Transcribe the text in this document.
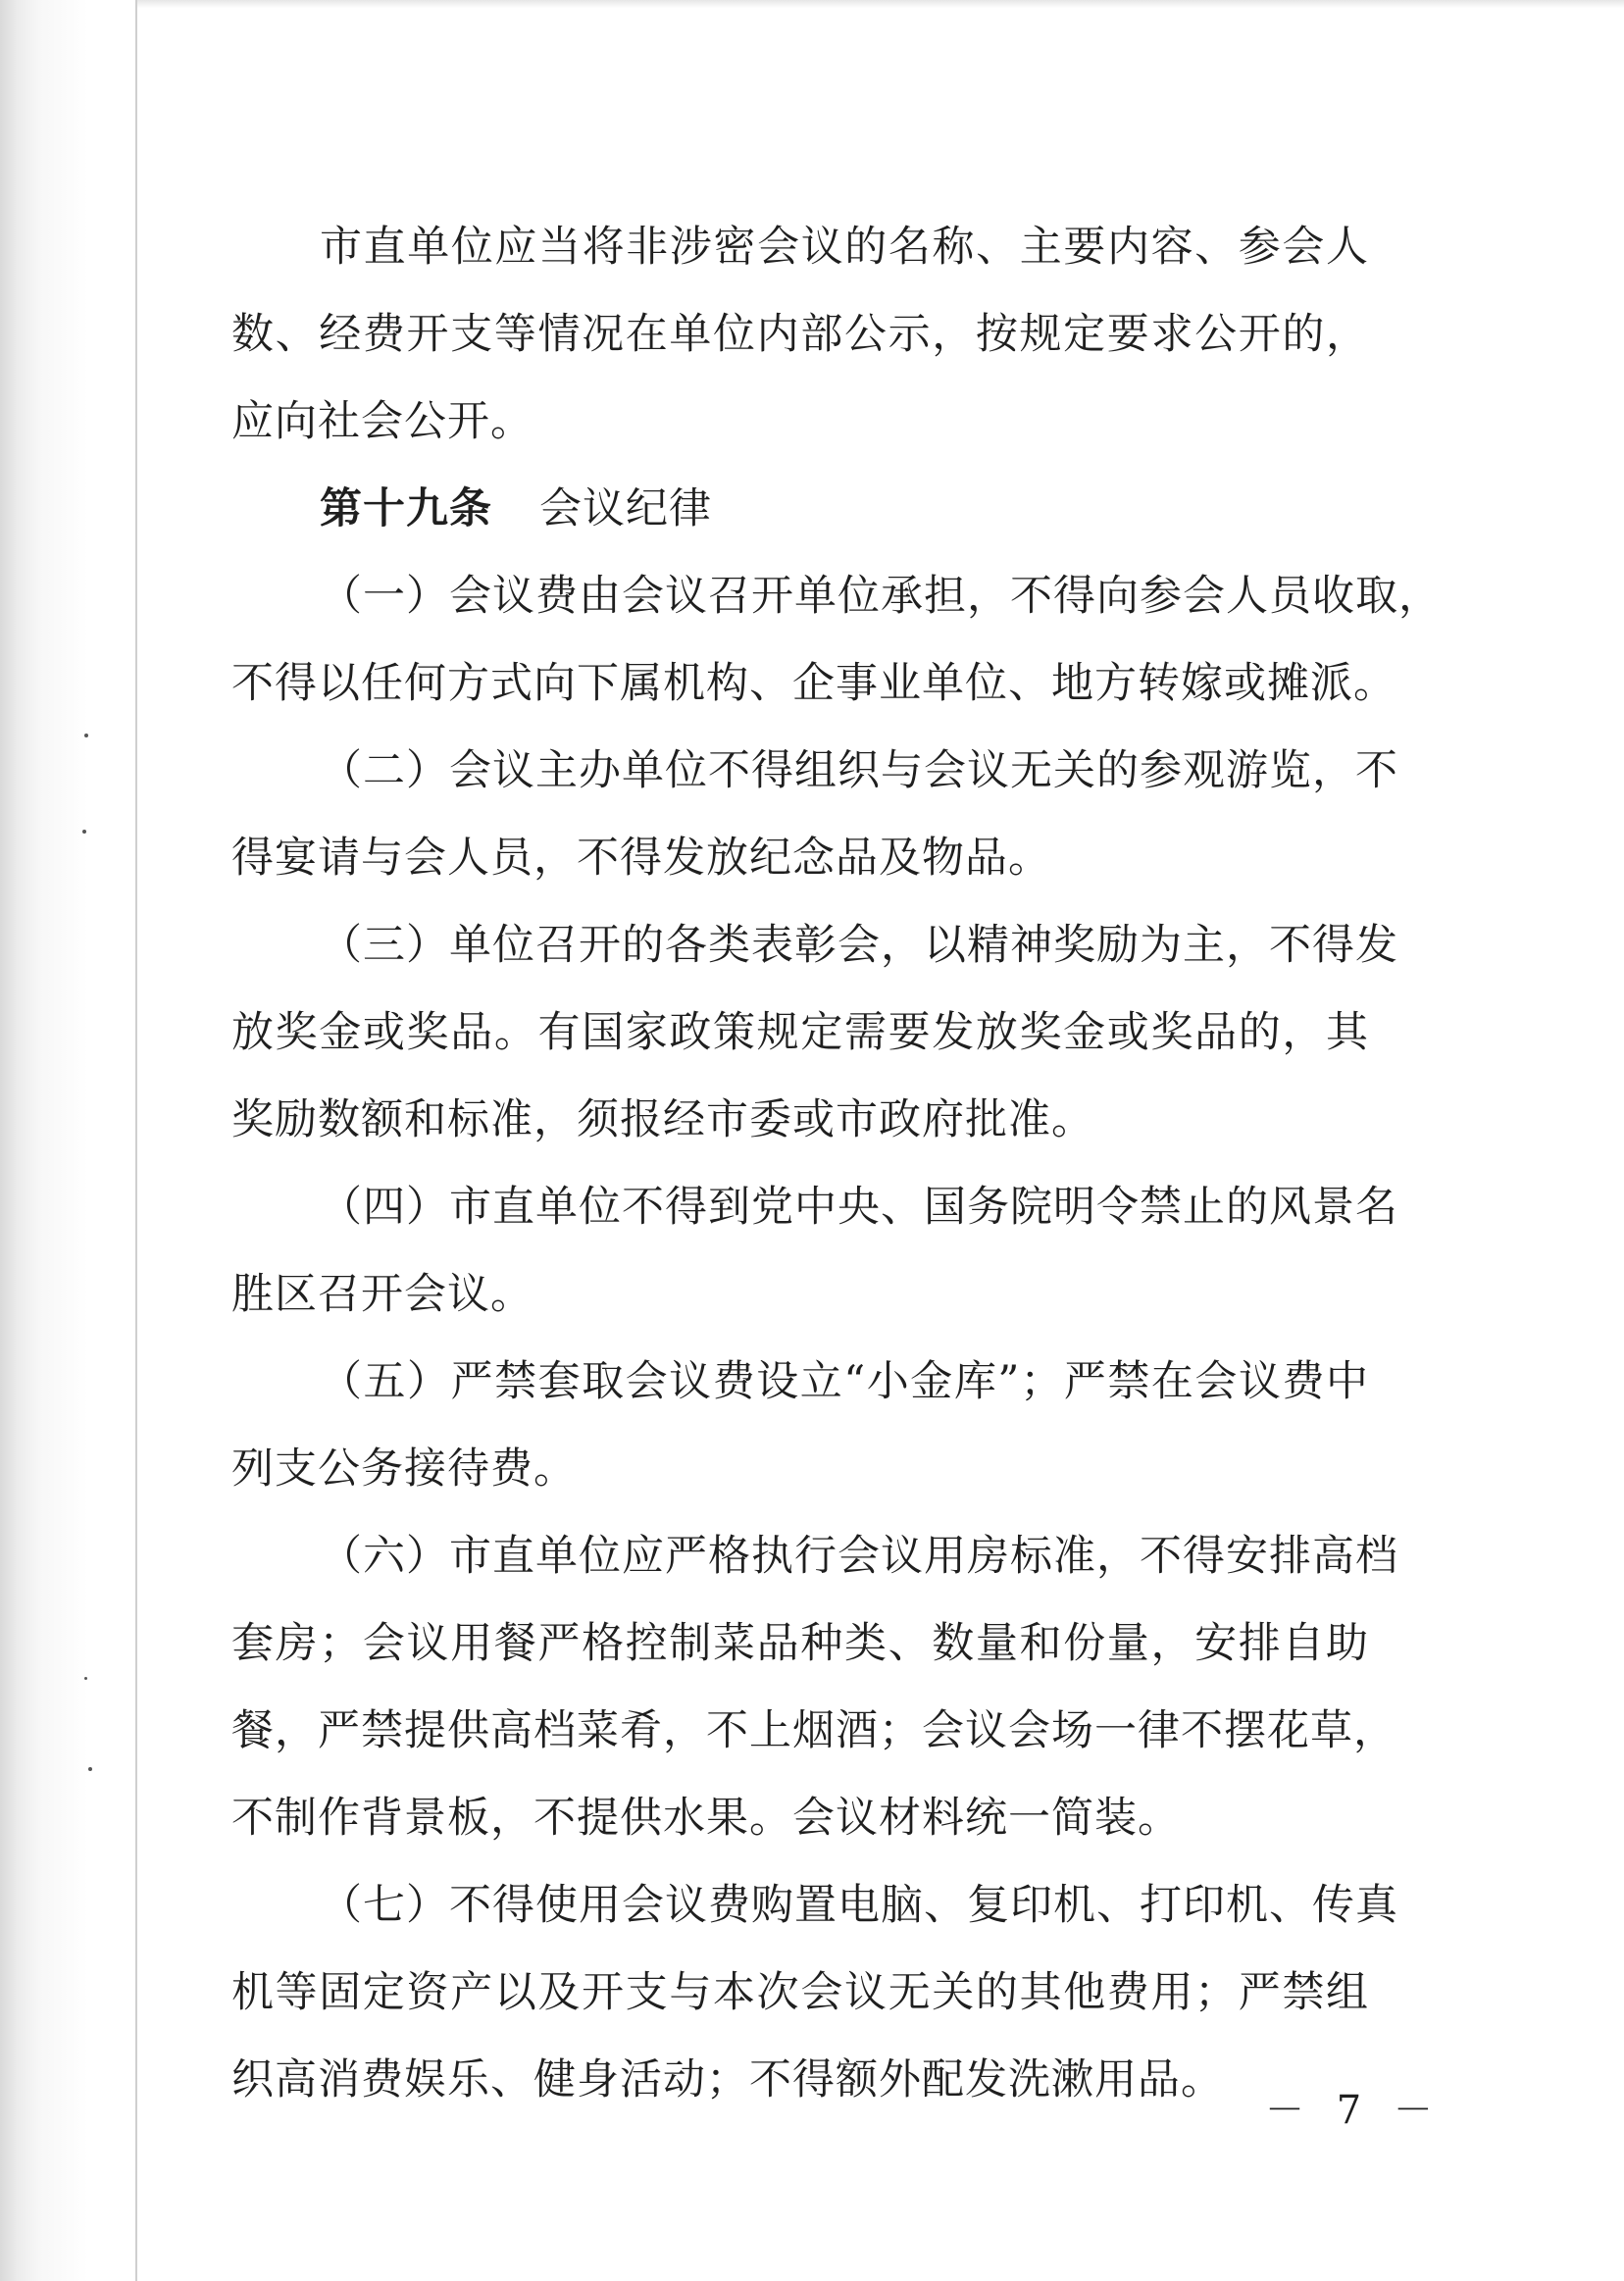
市直单位应当将非涉密会议的名称、主要内容、参会人
数、经费开支等情况在单位内部公示，按规定要求公开的，
应向社会公开。
第十九条 会议纪律
（一）会议费由会议召开单位承担，不得向参会人员收取，
不得以任何方式向下属机构、企事业单位、地方转嫁或摊派。
（二）会议主办单位不得组织与会议无关的参观游览，不
得宴请与会人员，不得发放纪念品及物品。
（三）单位召开的各类表彰会，以精神奖励为主，不得发
放奖金或奖品。有国家政策规定需要发放奖金或奖品的，其
奖励数额和标准，须报经市委或市政府批准。
（四）市直单位不得到党中央、国务院明令禁止的风景名
胜区召开会议。
（五）严禁套取会议费设立“小金库”；严禁在会议费中
列支公务接待费。
（六）市直单位应严格执行会议用房标准，不得安排高档
套房；会议用餐严格控制菜品种类、数量和份量，安排自助
餐，严禁提供高档菜肴，不上烟酒；会议会场一律不摆花草，
不制作背景板，不提供水果。会议材料统一简装。
（七）不得使用会议费购置电脑、复印机、打印机、传真
机等固定资产以及开支与本次会议无关的其他费用；严禁组
织高消费娱乐、健身活动；不得额外配发洗漱用品。
－ 7 －
